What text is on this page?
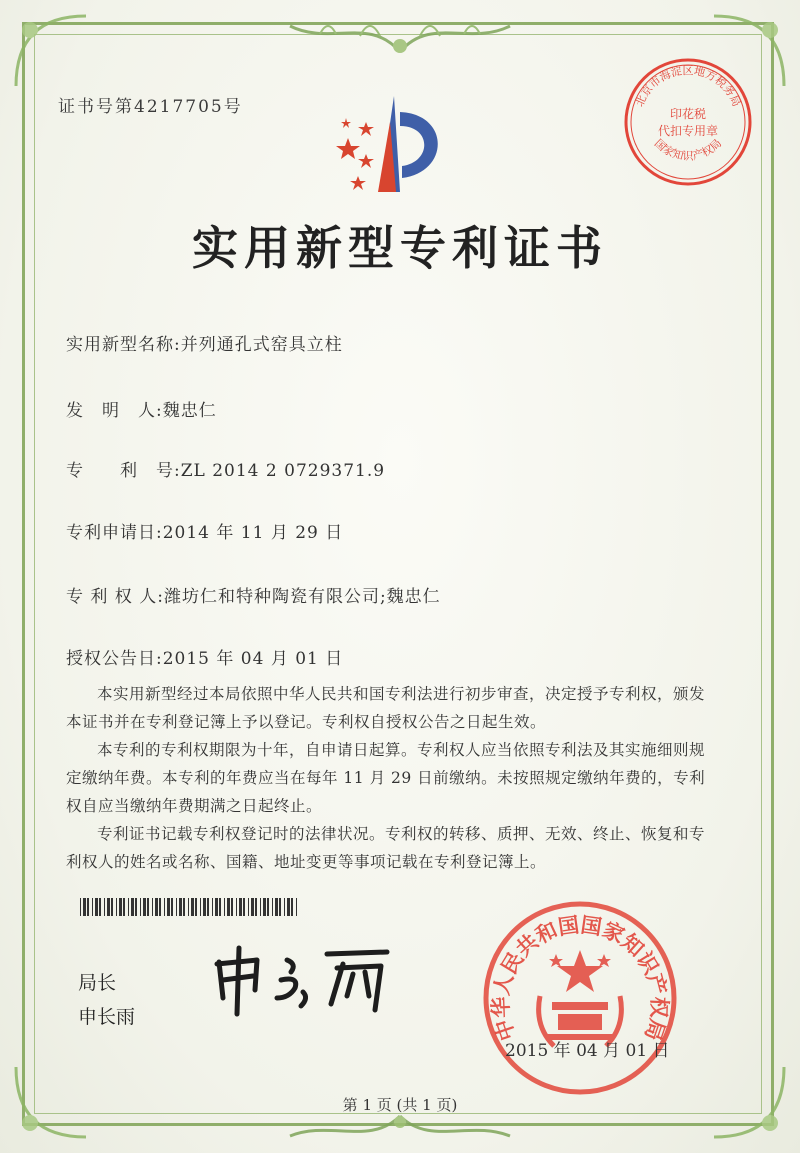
证书号第4217705号	北京市海淀区地方税务局
印花税
代扣专用章
国家知识产权局
实用新型专利证书
实用新型名称:并列通孔式窑具立柱
发　明　人:魏忠仁
专　　利　号:ZL 2014 2 0729371.9
专利申请日:2014 年 11 月 29 日
专 利 权 人:潍坊仁和特种陶瓷有限公司;魏忠仁
授权公告日:2015 年 04 月 01 日

本实用新型经过本局依照中华人民共和国专利法进行初步审查，决定授予专利权，颁发本证书并在专利登记簿上予以登记。专利权自授权公告之日起生效。

本专利的专利权期限为十年，自申请日起算。专利权人应当依照专利法及其实施细则规定缴纳年费。本专利的年费应当在每年 11 月 29 日前缴纳。未按照规定缴纳年费的，专利权自应当缴纳年费期满之日起终止。

专利证书记载专利权登记时的法律状况。专利权的转移、质押、无效、终止、恢复和专利权人的姓名或名称、国籍、地址变更等事项记载在专利登记簿上。

局长
申长雨	中华人民共和国国家知识产权局
2015 年 04 月 01 日
第 1 页 (共 1 页)
